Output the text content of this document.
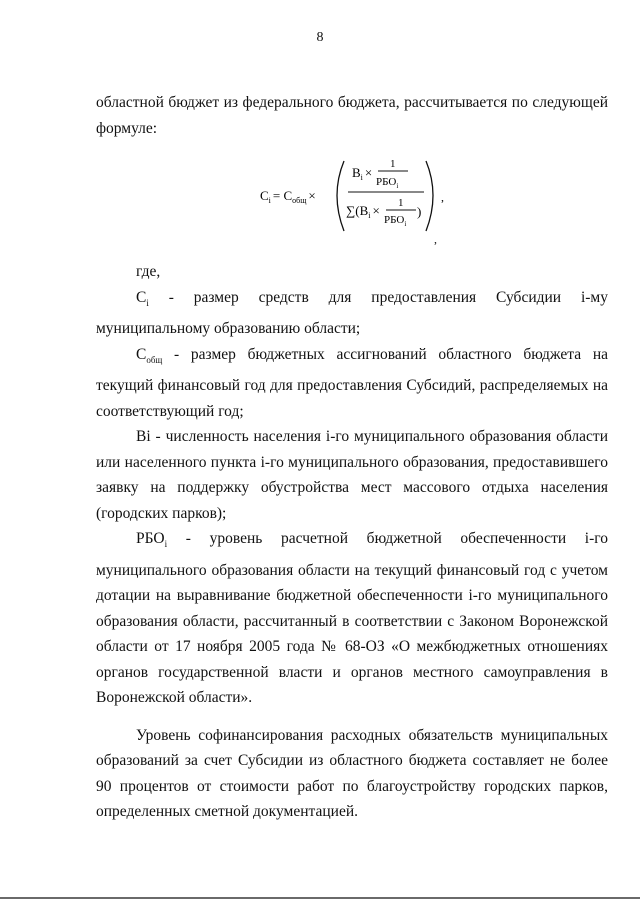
8

областной бюджет из федерального бюджета, рассчитывается по следующей

формуле:

$C_i = C_{общ}$ ×
$B_i$ ×
1
$РБО_i$
$\sum(B_i \times 1$
$РБО_i$
)
,
,

где,

$C_i$ - размер средств для предоставления Субсидии i-му муниципальному образованию области;

$C_{общ}$ - размер бюджетных ассигнований областного бюджета на текущий финансовый год для предоставления Субсидий, распределяемых на соответствующий год;

Bi - численность населения i-го муниципального образования области или населенного пункта i-го муниципального образования, предоставившего заявку на поддержку обустройства мест массового отдыха населения (городских парков);

$РБО_i$ - уровень расчетной бюджетной обеспеченности i-го муниципального образования области на текущий финансовый год с учетом дотации на выравнивание бюджетной обеспеченности i-го муниципального образования области, рассчитанный в соответствии с Законом Воронежской области от 17 ноября 2005 года № 68-ОЗ «О межбюджетных отношениях органов государственной власти и органов местного самоуправления в Воронежской области».

Уровень софинансирования расходных обязательств муниципальных образований за счет Субсидии из областного бюджета составляет не более 90 процентов от стоимости работ по благоустройству городских парков, определенных сметной документацией.
